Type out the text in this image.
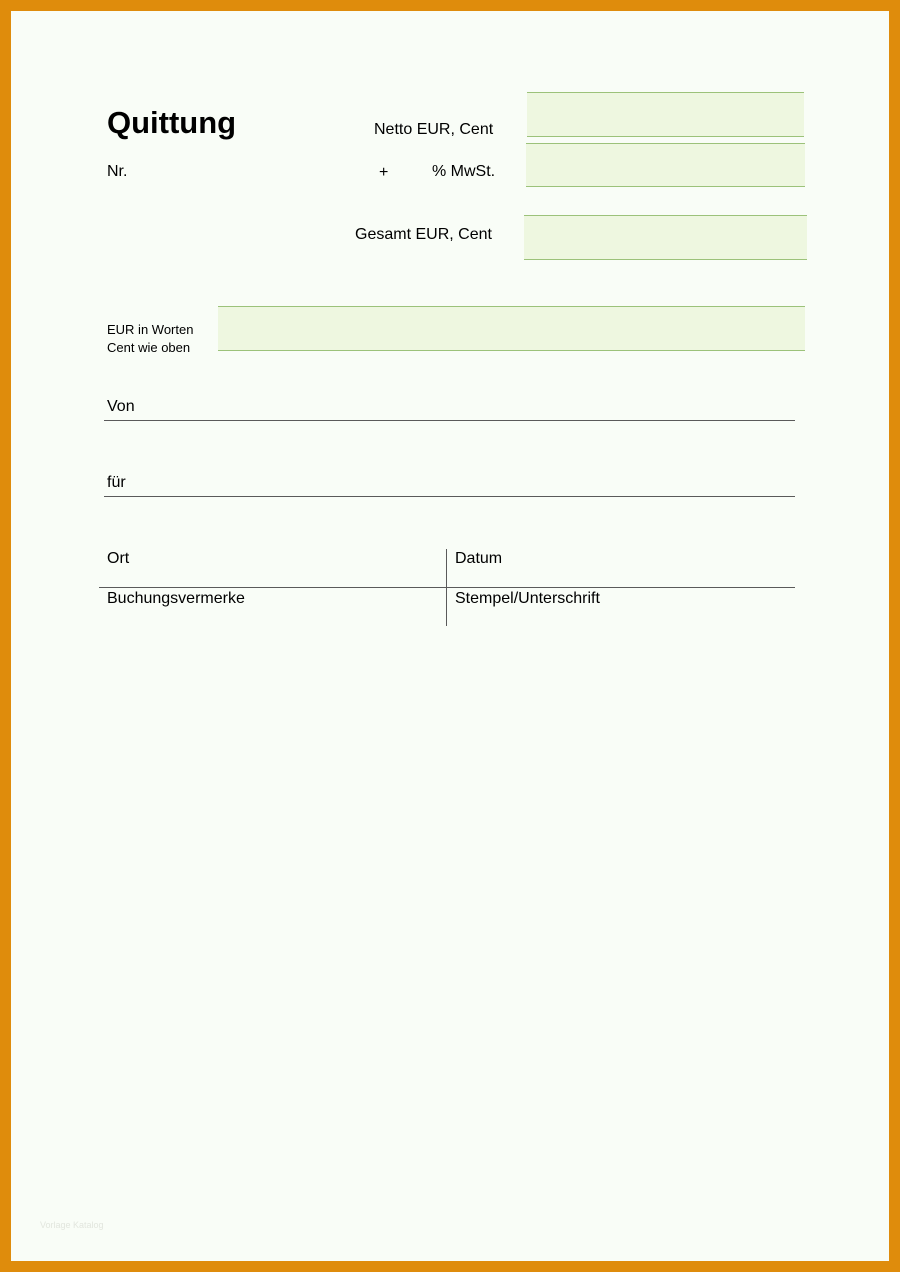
Quittung
Nr.
Netto EUR, Cent
+	% MwSt.
Gesamt EUR, Cent
EUR in Worten
Cent wie oben
Von
für
Ort	Datum
Buchungsvermerke	Stempel/Unterschrift
Vorlage Katalog
